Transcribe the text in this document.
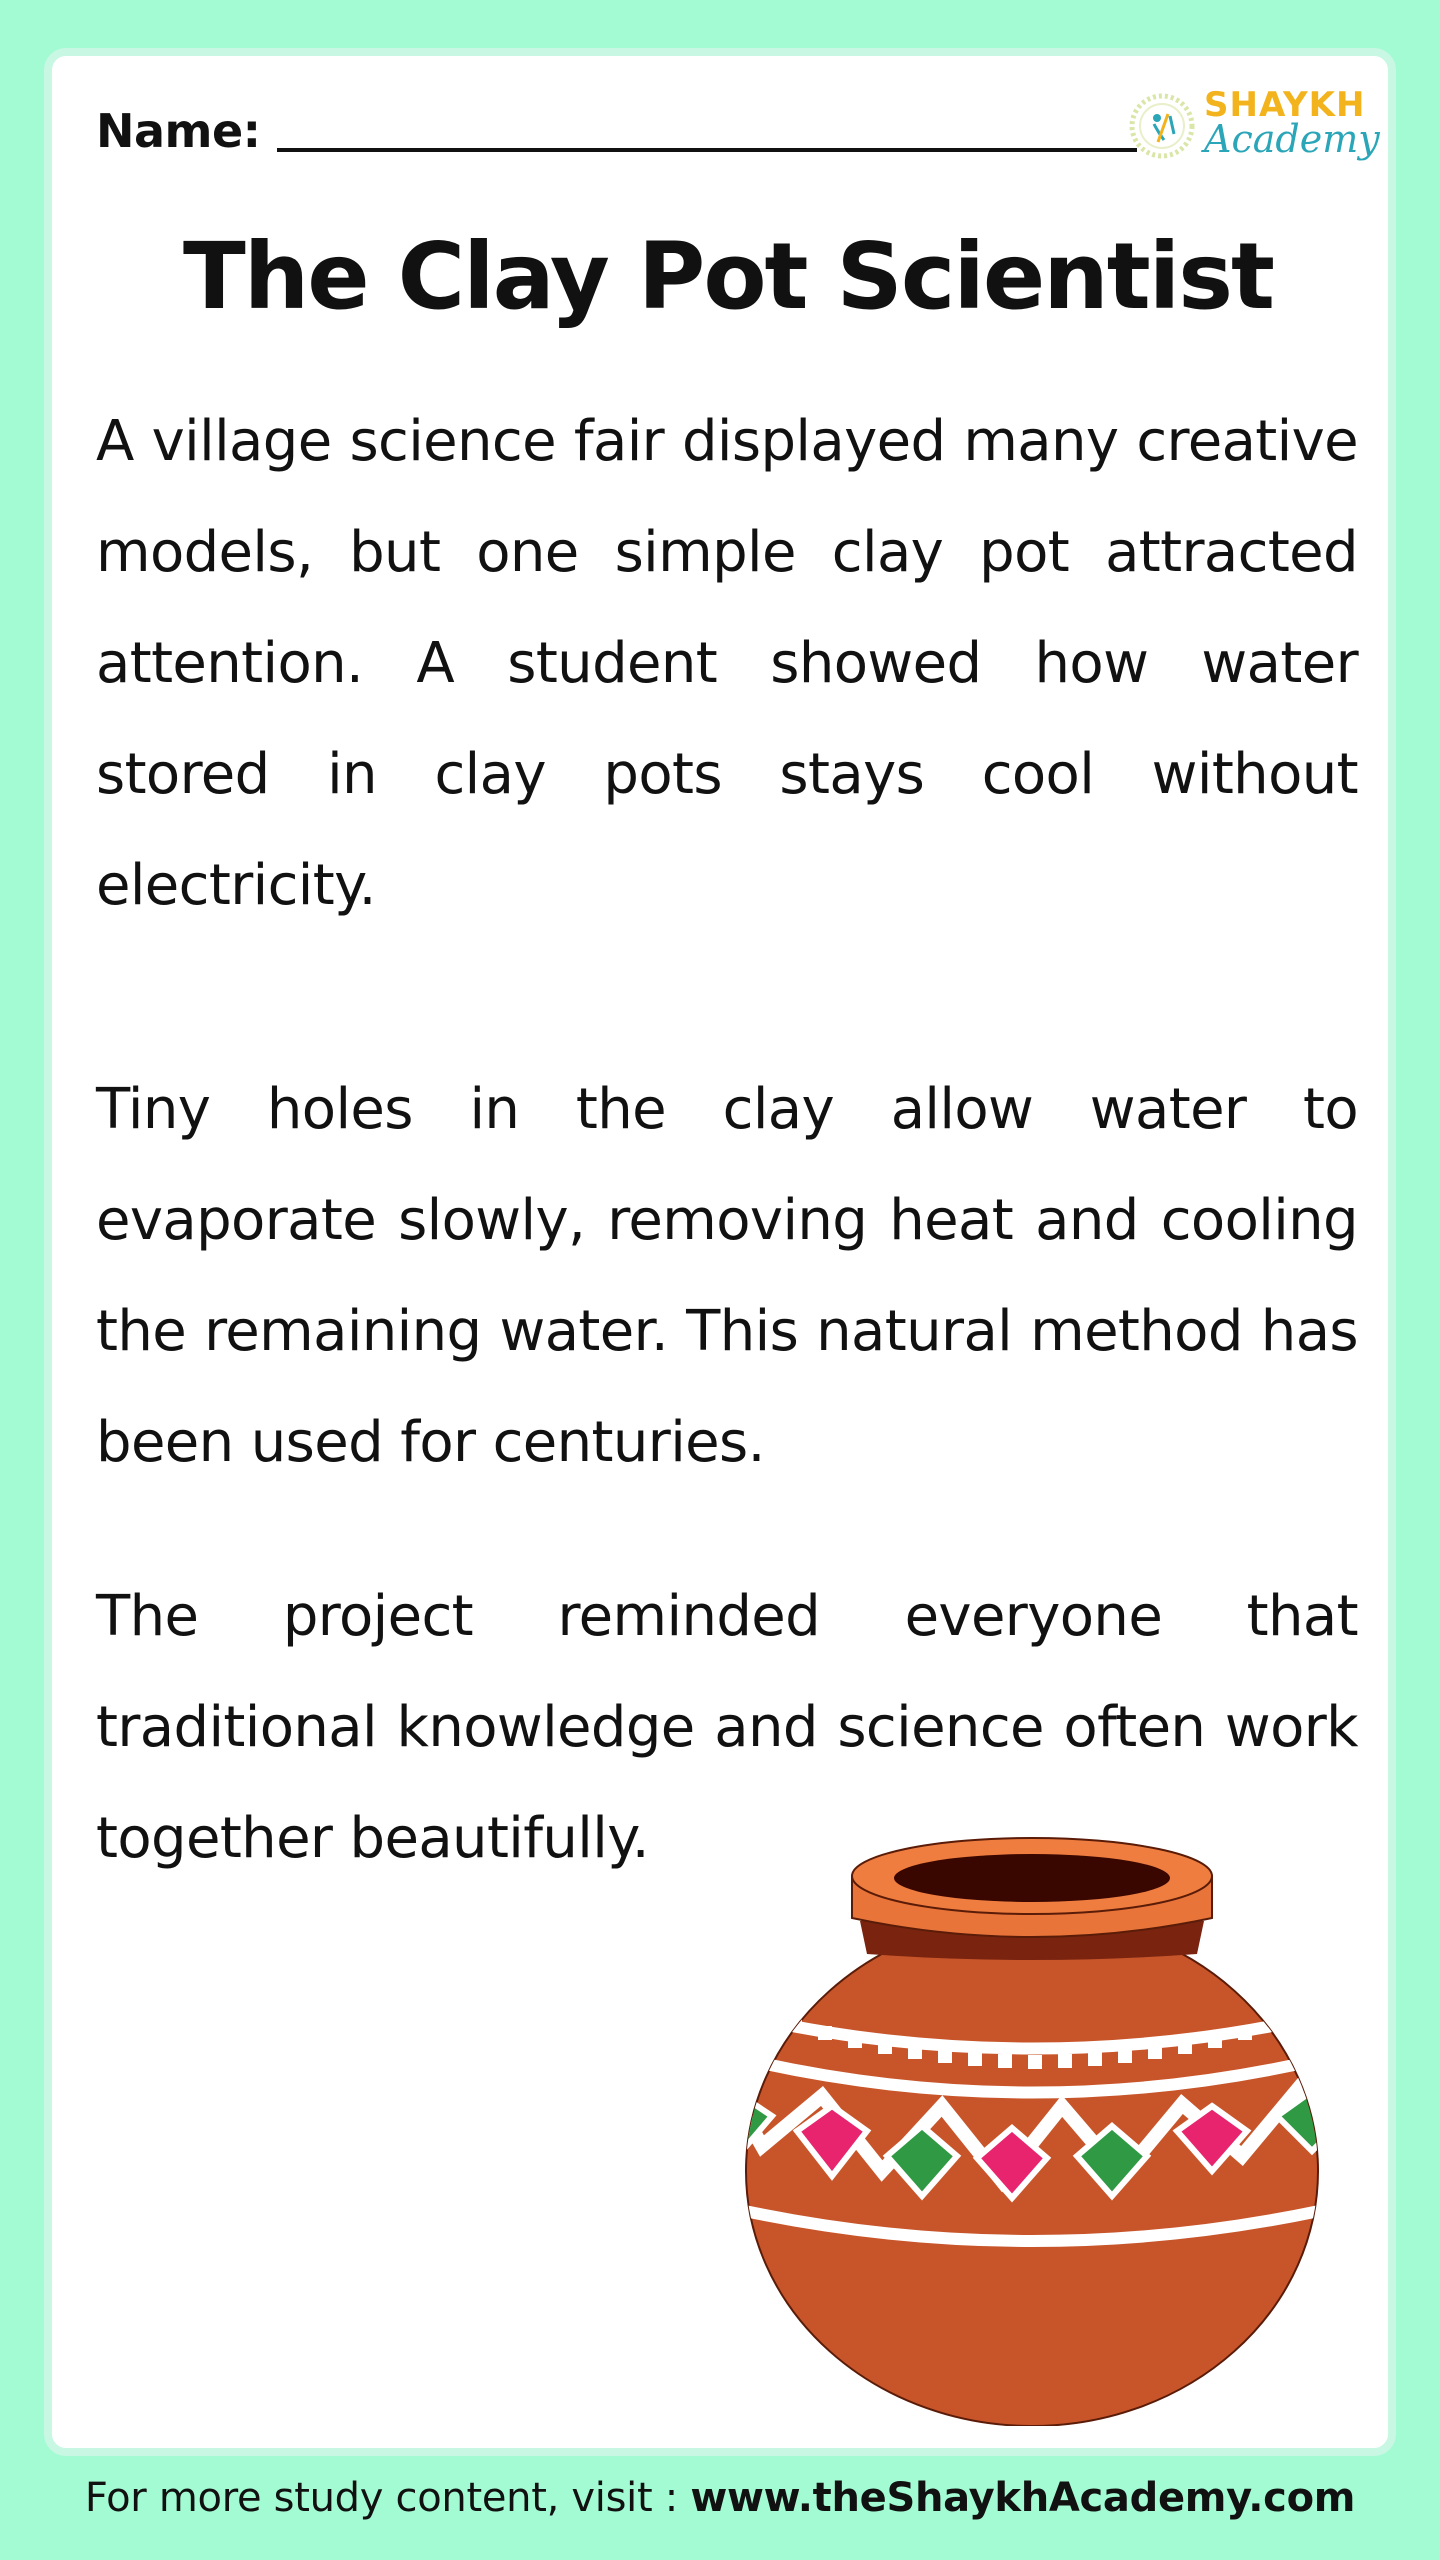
Name:	SHAYKH
Academy
The Clay Pot Scientist

A village science fair displayed many creative models, but one simple clay pot attracted attention. A student showed how water stored in clay pots stays cool without electricity.

Tiny holes in the clay allow water to evaporate slowly, removing heat and cooling the remaining water. This natural method has been used for centuries.

The project reminded everyone that traditional knowledge and science often work together beautifully.

For more study content, visit : www.theShaykhAcademy.com
